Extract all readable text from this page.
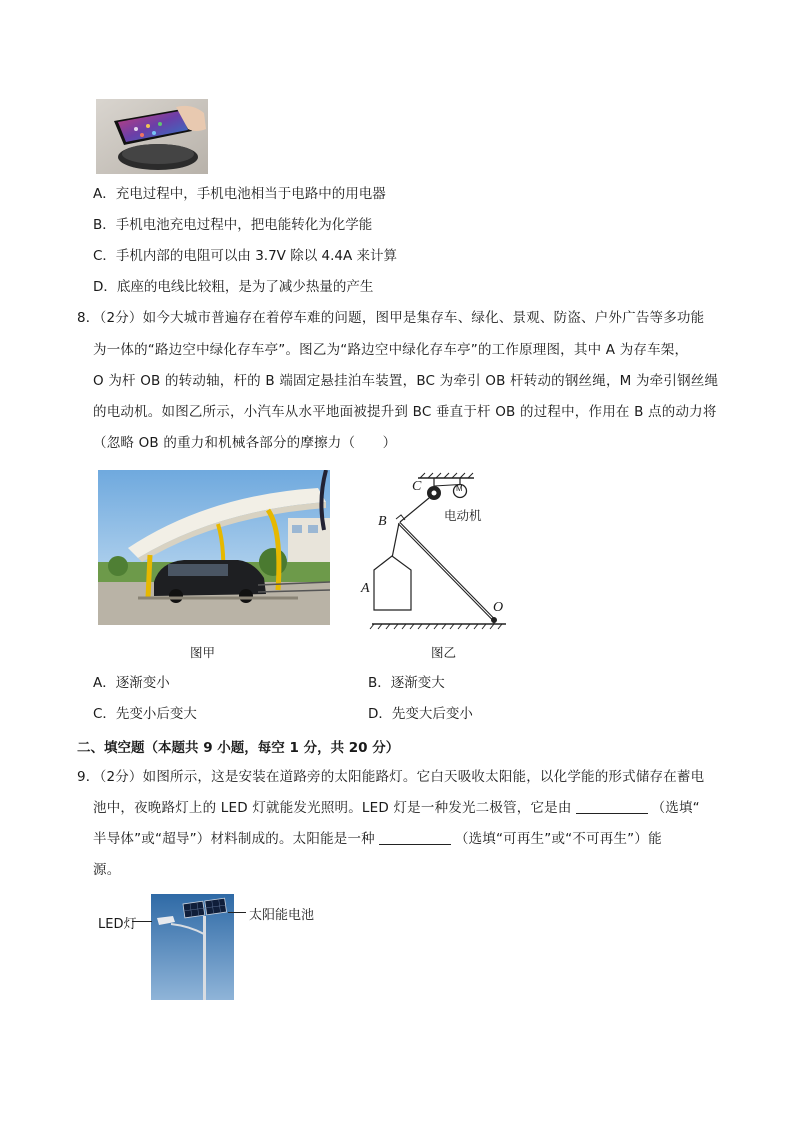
A．充电过程中，手机电池相当于电路中的用电器
B．手机电池充电过程中，把电能转化为化学能
C．手机内部的电阻可以由 3.7V 除以 4.4A 来计算
D．底座的电线比较粗，是为了减少热量的产生
8．（2分）如今大城市普遍存在着停车难的问题，图甲是集存车、绿化、景观、防盗、户外广告等多功能
为一体的“路边空中绿化存车亭”。图乙为“路边空中绿化存车亭”的工作原理图，其中 A 为存车架，
O 为杆 OB 的转动轴，杆的 B 端固定悬挂泊车装置，BC 为牵引 OB 杆转动的钢丝绳，M 为牵引钢丝绳
的电动机。如图乙所示，小汽车从水平地面被提升到 BC 垂直于杆 OB 的过程中，作用在 B 点的动力将
（忽略 OB 的重力和机械各部分的摩擦力（　　）
C	M
电动机
B
A
O
图甲	图乙
A．逐渐变小	B．逐渐变大
C．先变小后变大	D．先变大后变小
二、填空题（本题共 9 小题，每空 1 分，共 20 分）
9．（2分）如图所示，这是安装在道路旁的太阳能路灯。它白天吸收太阳能，以化学能的形式储存在蓄电
池中，夜晚路灯上的 LED 灯就能发光照明。LED 灯是一种发光二极管，它是由	（选填“
半导体”或“超导”）材料制成的。太阳能是一种	（选填“可再生”或“不可再生”）能
源。
LED灯
太阳能电池
